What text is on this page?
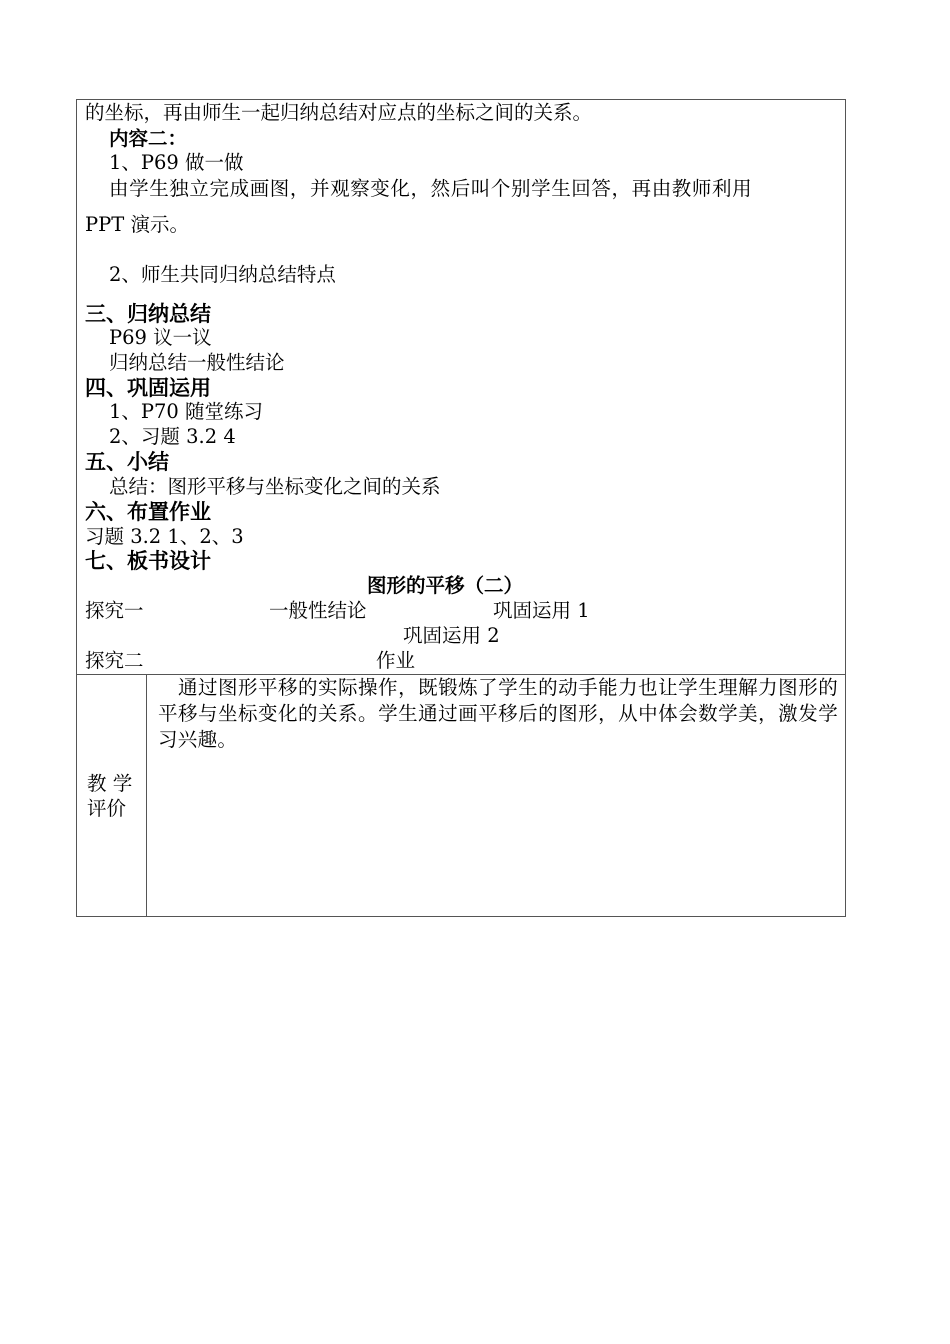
的坐标，再由师生一起归纳总结对应点的坐标之间的关系。
内容二：
1、P69 做一做
由学生独立完成画图，并观察变化，然后叫个别学生回答，再由教师利用
PPT 演示。
2、师生共同归纳总结特点
三、归纳总结
P69 议一议
归纳总结一般性结论
四、巩固运用
1、P70 随堂练习
2、习题 3.2 4
五、小结
总结：图形平移与坐标变化之间的关系
六、布置作业
习题 3.2 1、2、3
七、板书设计
图形的平移（二）
探究一	一般性结论	巩固运用 1
巩固运用 2
探究二	作业
教 学
评价
通过图形平移的实际操作，既锻炼了学生的动手能力也让学生理解力图形的平移与坐标变化的关系。学生通过画平移后的图形，从中体会数学美，激发学习兴趣。
